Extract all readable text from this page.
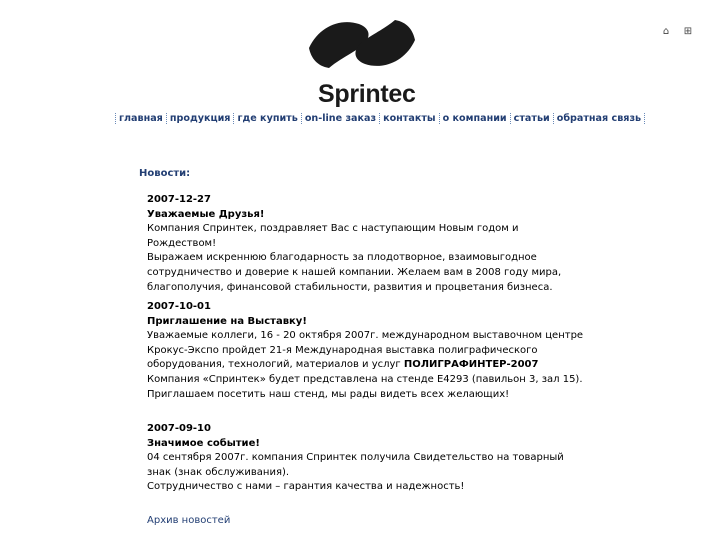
Sprintec
⌂ ⊞
главная продукция где купить on-line заказ контакты о компании статьи обратная связь
Новости:
2007-12-27
Уважаемые Друзья!

Компания Спринтек, поздравляет Вас с наступающим Новым годом и Рождеством!

Выражаем искреннюю благодарность за плодотворное, взаимовыгодное сотрудничество и доверие к нашей компании. Желаем вам в 2008 году мира, благополучия, финансовой стабильности, развития и процветания бизнеса.

2007-10-01
Приглашение на Выставку!

Уважаемые коллеги, 16 - 20 октября 2007г. международном выставочном центре Крокус-Экспо пройдет 21-я Международная выставка полиграфического оборудования, технологий, материалов и услуг ПОЛИГРАФИНТЕР-2007

Компания «Спринтек» будет представлена на стенде E4293 (павильон 3, зал 15).

Приглашаем посетить наш стенд, мы рады видеть всех желающих!

2007-09-10
Значимое событие!

04 сентября 2007г. компания Спринтек получила Свидетельство на товарный знак (знак обслуживания).

Сотрудничество с нами – гарантия качества и надежность!

Архив новостей
